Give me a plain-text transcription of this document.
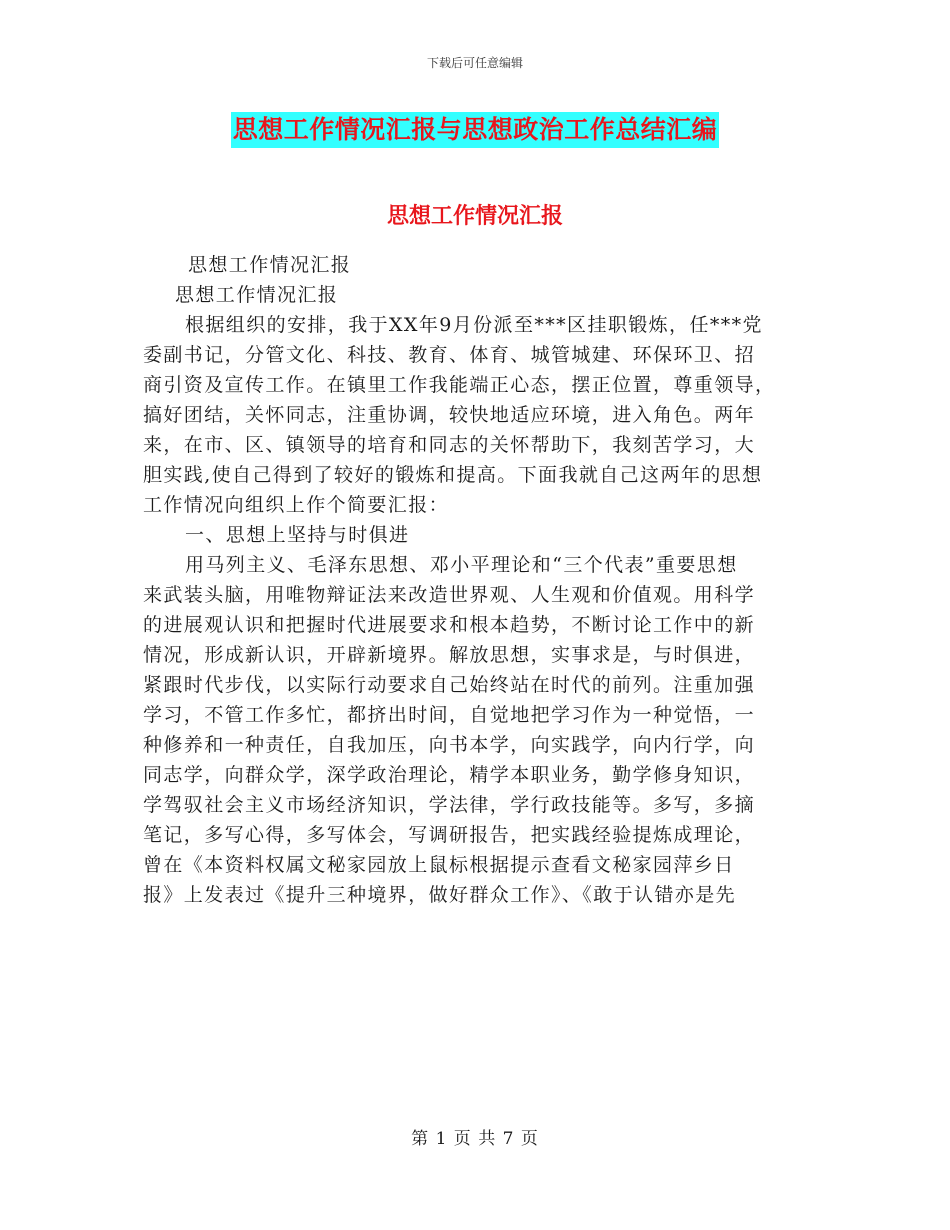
下载后可任意编辑
思想工作情况汇报与思想政治工作总结汇编
思想工作情况汇报

思想工作情况汇报

思想工作情况汇报

根据组织的安排，我于XX年9月份派至***区挂职锻炼，任***党

委副书记，分管文化、科技、教育、体育、城管城建、环保环卫、招

商引资及宣传工作。在镇里工作我能端正心态，摆正位置，尊重领导，

搞好团结，关怀同志，注重协调，较快地适应环境，进入角色。两年

来，在市、区、镇领导的培育和同志的关怀帮助下，我刻苦学习，大

胆实践,使自己得到了较好的锻炼和提高。下面我就自己这两年的思想

工作情况向组织上作个简要汇报：

一、思想上坚持与时俱进

用马列主义、毛泽东思想、邓小平理论和“三个代表”重要思想

来武装头脑，用唯物辩证法来改造世界观、人生观和价值观。用科学

的进展观认识和把握时代进展要求和根本趋势，不断讨论工作中的新

情况，形成新认识，开辟新境界。解放思想，实事求是，与时俱进，

紧跟时代步伐，以实际行动要求自己始终站在时代的前列。注重加强

学习，不管工作多忙，都挤出时间，自觉地把学习作为一种觉悟，一

种修养和一种责任，自我加压，向书本学，向实践学，向内行学，向

同志学，向群众学，深学政治理论，精学本职业务，勤学修身知识，

学驾驭社会主义市场经济知识，学法律，学行政技能等。多写，多摘

笔记，多写心得，多写体会，写调研报告，把实践经验提炼成理论，

曾在《本资料权属文秘家园放上鼠标根据提示查看文秘家园萍乡日

报》上发表过《提升三种境界，做好群众工作》、《敢于认错亦是先

第 1 页 共 7 页
